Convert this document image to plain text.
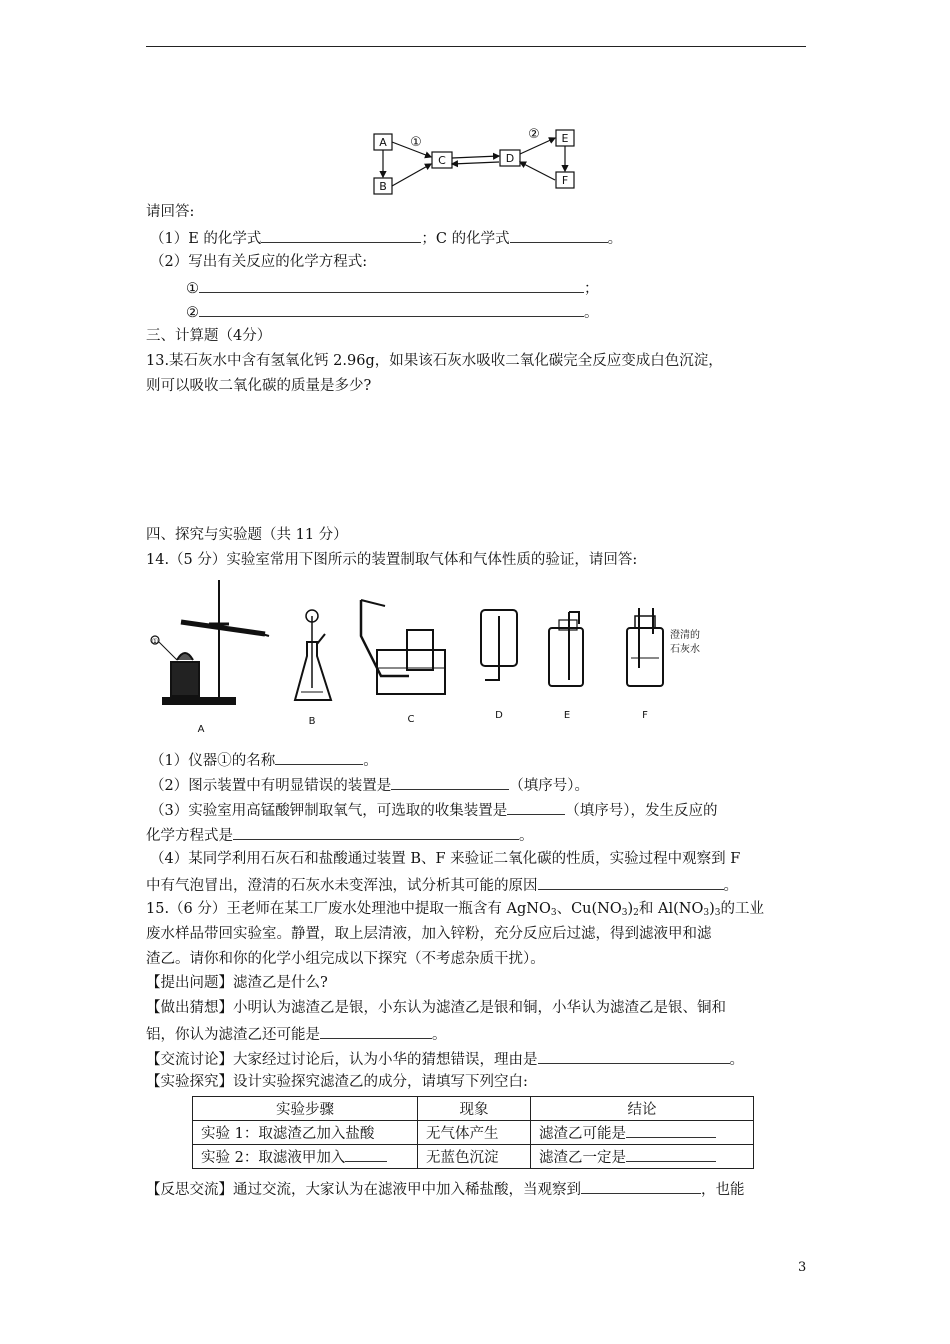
A
B
C	D
E
F
①
②
请回答:
（1）E 的化学式	；C 的化学式	。
（2）写出有关反应的化学方程式:
①	；
②	。
三、计算题（4分）
13.某石灰水中含有氢氧化钙 2.96g，如果该石灰水吸收二氧化碳完全反应变成白色沉淀，
则可以吸收二氧化碳的质量是多少?
四、探究与实验题（共 11 分）
14.（5 分）实验室常用下图所示的装置制取气体和气体性质的验证，请回答:
A
B	C	D	E	F
①
澄清的
石灰水
（1）仪器①的名称	。
（2）图示装置中有明显错误的装置是	（填序号）。
（3）实验室用高锰酸钾制取氧气，可选取的收集装置是	（填序号），发生反应的
化学方程式是	。
（4）某同学利用石灰石和盐酸通过装置 B、F 来验证二氧化碳的性质，实验过程中观察到 F
中有气泡冒出，澄清的石灰水未变浑浊，试分析其可能的原因	。
15.（6 分）王老师在某工厂废水处理池中提取一瓶含有 AgNO$_3$、$Cu(NO_3)_2$和 $Al(NO_3)_3$的工业
废水样品带回实验室。静置，取上层清液，加入锌粉，充分反应后过滤，得到滤液甲和滤
渣乙。请你和你的化学小组完成以下探究（不考虑杂质干扰）。
【提出问题】滤渣乙是什么?
【做出猜想】小明认为滤渣乙是银，小东认为滤渣乙是银和铜，小华认为滤渣乙是银、铜和
铝，你认为滤渣乙还可能是	。
【交流讨论】大家经过讨论后，认为小华的猜想错误，理由是	。
【实验探究】设计实验探究滤渣乙的成分，请填写下列空白:
实验步骤	现象	结论
实验 1：取滤渣乙加入盐酸	无气体产生	滤渣乙可能是
实验 2：取滤液甲加入	无蓝色沉淀	滤渣乙一定是
【反思交流】通过交流，大家认为在滤液甲中加入稀盐酸，当观察到	，也能
3
